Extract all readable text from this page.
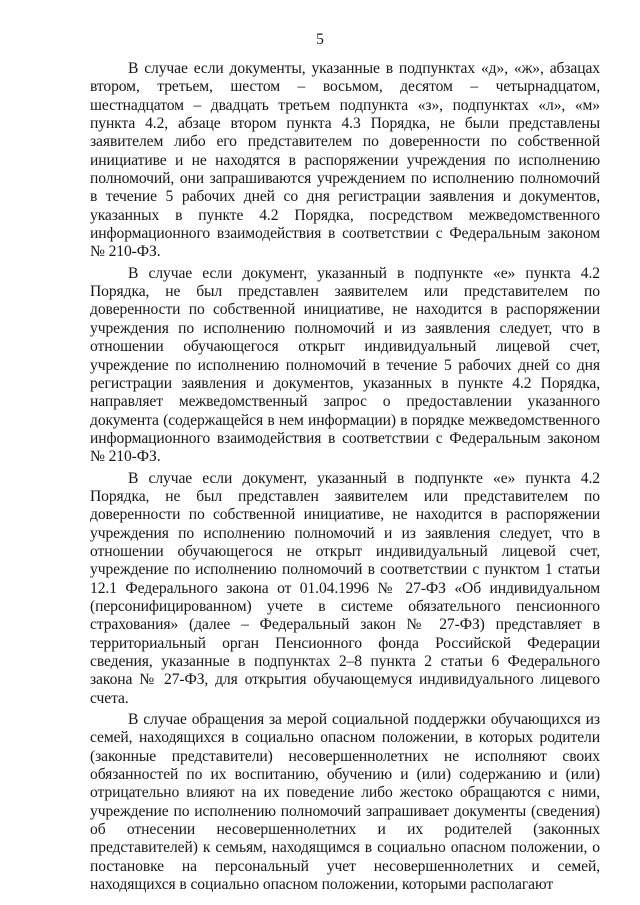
5

В случае если документы, указанные в подпунктах «д», «ж», абзацах втором, третьем, шестом – восьмом, десятом – четырнадцатом, шестнадцатом – двадцать третьем подпункта «з», подпунктах «л», «м» пункта 4.2, абзаце втором пункта 4.3 Порядка, не были представлены заявителем либо его представителем по доверенности по собственной инициативе и не находятся в распоряжении учреждения по исполнению полномочий, они запрашиваются учреждением по исполнению полномочий в течение 5 рабочих дней со дня регистрации заявления и документов, указанных в пункте 4.2 Порядка, посредством межведомственного информационного взаимодействия в соответствии с Федеральным законом № 210-ФЗ.

В случае если документ, указанный в подпункте «е» пункта 4.2 Порядка, не был представлен заявителем или представителем по доверенности по собственной инициативе, не находится в распоряжении учреждения по исполнению полномочий и из заявления следует, что в отношении обучающегося открыт индивидуальный лицевой счет, учреждение по исполнению полномочий в течение 5 рабочих дней со дня регистрации заявления и документов, указанных в пункте 4.2 Порядка, направляет межведомственный запрос о предоставлении указанного документа (содержащейся в нем информации) в порядке межведомственного информационного взаимодействия в соответствии с Федеральным законом № 210-ФЗ.

В случае если документ, указанный в подпункте «е» пункта 4.2 Порядка, не был представлен заявителем или представителем по доверенности по собственной инициативе, не находится в распоряжении учреждения по исполнению полномочий и из заявления следует, что в отношении обучающегося не открыт индивидуальный лицевой счет, учреждение по исполнению полномочий в соответствии с пунктом 1 статьи 12.1 Федерального закона от 01.04.1996 № 27-ФЗ «Об индивидуальном (персонифицированном) учете в системе обязательного пенсионного страхования» (далее – Федеральный закон № 27-ФЗ) представляет в территориальный орган Пенсионного фонда Российской Федерации сведения, указанные в подпунктах 2–8 пункта 2 статьи 6 Федерального закона № 27-ФЗ, для открытия обучающемуся индивидуального лицевого счета.

В случае обращения за мерой социальной поддержки обучающихся из семей, находящихся в социально опасном положении, в которых родители (законные представители) несовершеннолетних не исполняют своих обязанностей по их воспитанию, обучению и (или) содержанию и (или) отрицательно влияют на их поведение либо жестоко обращаются с ними, учреждение по исполнению полномочий запрашивает документы (сведения) об отнесении несовершеннолетних и их родителей (законных представителей) к семьям, находящимся в социально опасном положении, о постановке на персональный учет несовершеннолетних и семей, находящихся в социально опасном положении, которыми располагают
